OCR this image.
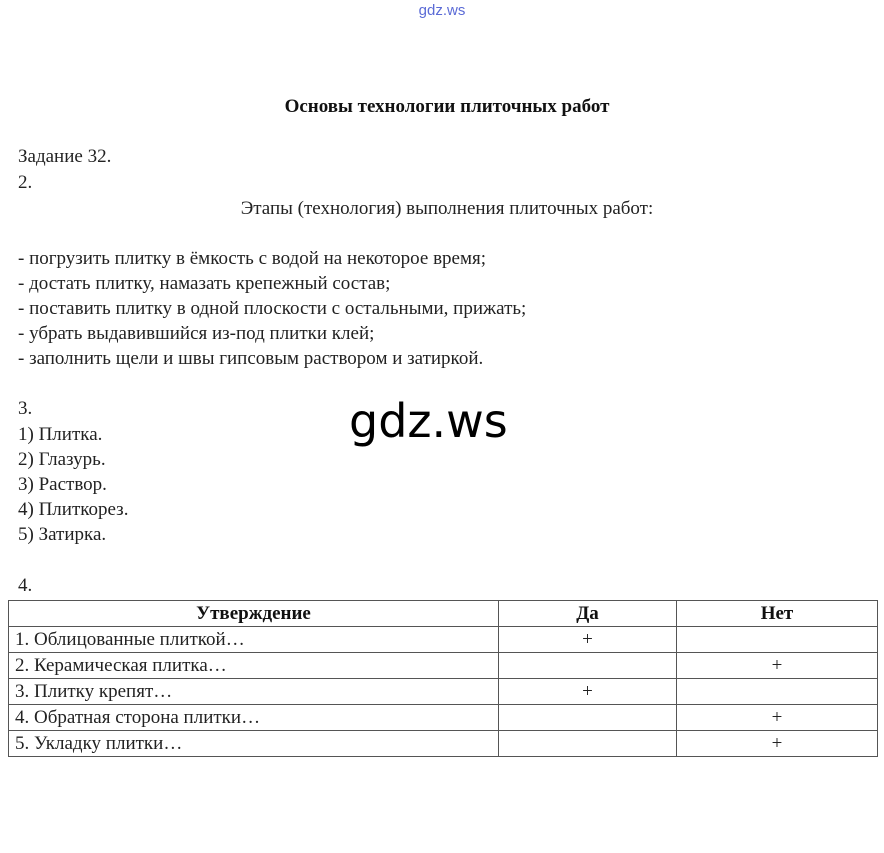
gdz.ws
Основы технологии плиточных работ
Задание 32.
2.
Этапы (технология) выполнения плиточных работ:
- погрузить плитку в ёмкость с водой на некоторое время;
- достать плитку, намазать крепежный состав;
- поставить плитку в одной плоскости с остальными, прижать;
- убрать выдавившийся из-под плитки клей;
- заполнить щели и швы гипсовым раствором и затиркой.
3.
1) Плитка.
2) Глазурь.
3) Раствор.
4) Плиткорез.
5) Затирка.
gdz.ws
4.
Утверждение	Да	Нет
1. Облицованные плиткой…	+	
2. Керамическая плитка…		+
3. Плитку крепят…	+	
4. Обратная сторона плитки…		+
5. Укладку плитки…		+
